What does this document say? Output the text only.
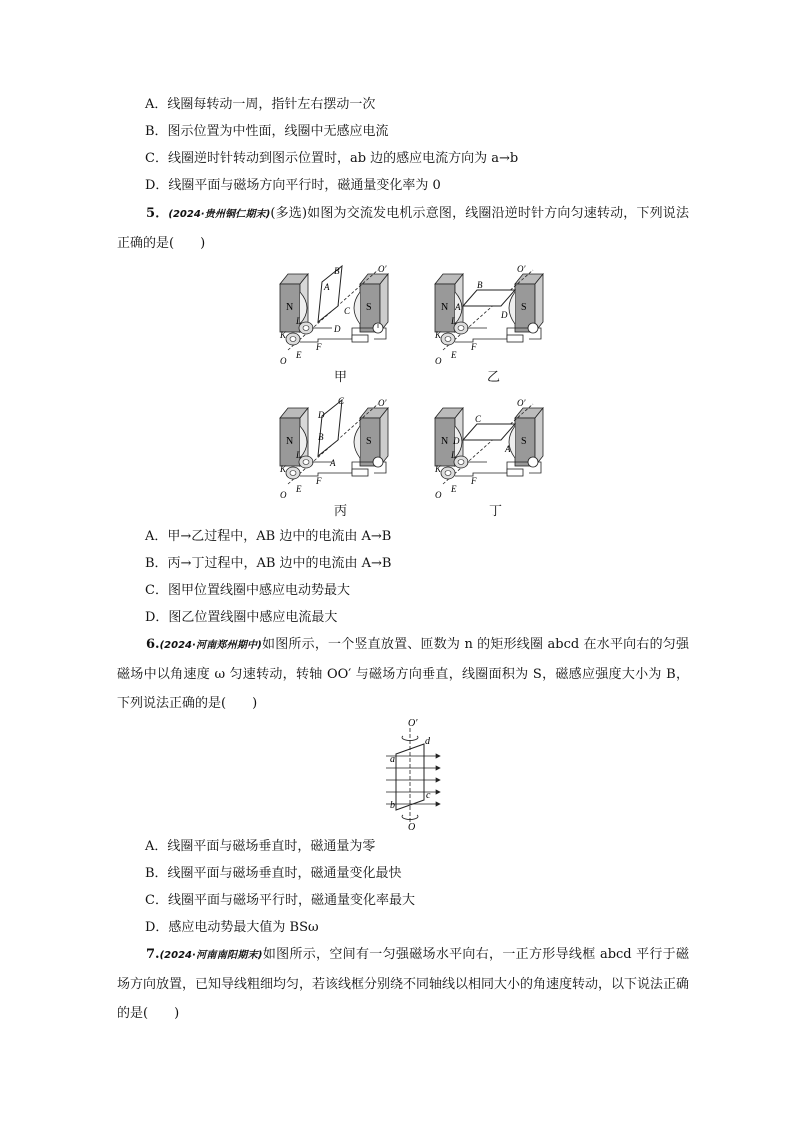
A．线圈每转动一周，指针左右摆动一次
B．图示位置为中性面，线圈中无感应电流
C．线圈逆时针转动到图示位置时，ab 边的感应电流方向为 a→b
D．线圈平面与磁场方向平行时，磁通量变化率为 0
5．(2024·贵州铜仁期末)(多选)如图为交流发电机示意图，线圈沿逆时针方向匀速转动，下列说法正确的是(　　)
N	S
A
B
C
D
O′
O
K
L
E
F
甲
N	S
A
B
D
O′
O
K
L
E
F
乙
N	S
D
C
B
A
O′
O
K
L
E
F
丙
N	S
D
C
A
O′
O
K
L
E
F
丁
A．甲→乙过程中，AB 边中的电流由 A→B
B．丙→丁过程中，AB 边中的电流由 A→B
C．图甲位置线圈中感应电动势最大
D．图乙位置线圈中感应电流最大
6.(2024·河南郑州期中)如图所示，一个竖直放置、匝数为 n 的矩形线圈 abcd 在水平向右的匀强磁场中以角速度 ω 匀速转动，转轴 OO′ 与磁场方向垂直，线圈面积为 S，磁感应强度大小为 B，下列说法正确的是(　　)
O′
O
d
a
c
b
A．线圈平面与磁场垂直时，磁通量为零
B．线圈平面与磁场垂直时，磁通量变化最快
C．线圈平面与磁场平行时，磁通量变化率最大
D．感应电动势最大值为 BSω
7.(2024·河南南阳期末)如图所示，空间有一匀强磁场水平向右，一正方形导线框 abcd 平行于磁场方向放置，已知导线粗细均匀，若该线框分别绕不同轴线以相同大小的角速度转动，以下说法正确的是(　　)
